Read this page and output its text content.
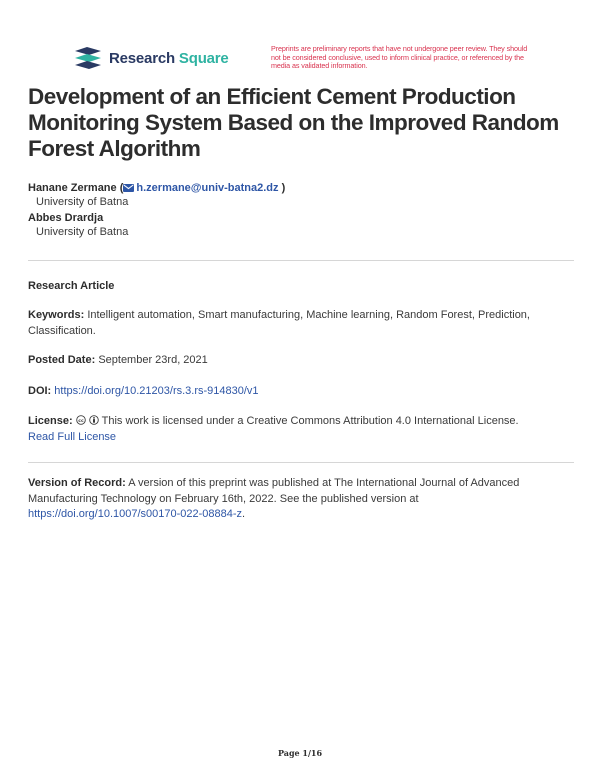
Research Square
Preprints are preliminary reports that have not undergone peer review. They should not be considered conclusive, used to inform clinical practice, or referenced by the media as validated information.
Development of an Efficient Cement Production Monitoring System Based on the Improved Random Forest Algorithm
Hanane Zermane ( h.zermane@univ-batna2.dz )
University of Batna
Abbes Drardja
University of Batna
Research Article
Keywords: Intelligent automation, Smart manufacturing, Machine learning, Random Forest, Prediction, Classification.
Posted Date: September 23rd, 2021
DOI: https://doi.org/10.21203/rs.3.rs-914830/v1
License: cc This work is licensed under a Creative Commons Attribution 4.0 International License.
Read Full License
Version of Record: A version of this preprint was published at The International Journal of Advanced Manufacturing Technology on February 16th, 2022. See the published version at
https://doi.org/10.1007/s00170-022-08884-z.
Page 1/16
